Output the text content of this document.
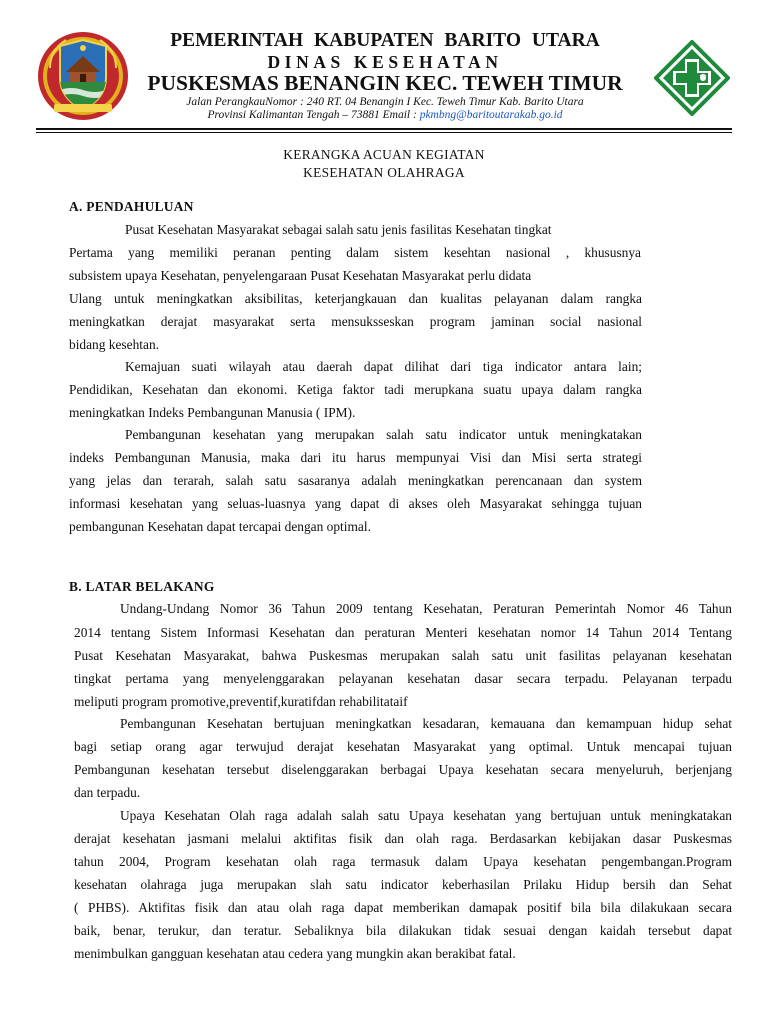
PEMERINTAH KABUPATEN BARITO UTARA
DINAS KESEHATAN
PUSKESMAS BENANGIN KEC. TEWEH TIMUR
Jalan PerangkauNomor : 240 RT. 04 Benangin I Kec. Teweh Timur Kab. Barito Utara
Provinsi Kalimantan Tengah – 73881 Email : pkmbng@baritoutarakab.go.id
KERANGKA ACUAN KEGIATAN
KESEHATAN OLAHRAGA
A. PENDAHULUAN
Pusat Kesehatan Masyarakat sebagai salah satu jenis fasilitas Kesehatan tingkat
Pertama yang memiliki peranan penting dalam sistem kesehtan nasional , khususnya
subsistem upaya Kesehatan, penyelengaraan Pusat Kesehatan Masyarakat perlu didata
Ulang untuk meningkatkan aksibilitas, keterjangkauan dan kualitas pelayanan dalam rangka
meningkatkan derajat masyarakat serta mensuksseskan program jaminan social nasional
bidang kesehtan.
Kemajuan suati wilayah atau daerah dapat dilihat dari tiga indicator antara lain;
Pendidikan, Kesehatan dan ekonomi. Ketiga faktor tadi merupkana suatu upaya dalam rangka
meningkatkan Indeks Pembangunan Manusia ( IPM).
Pembangunan kesehatan yang merupakan salah satu indicator untuk meningkatakan
indeks Pembangunan Manusia, maka dari itu harus mempunyai Visi dan Misi serta strategi
yang jelas dan terarah, salah satu sasaranya adalah meningkatkan perencanaan dan system
informasi kesehatan yang seluas-luasnya yang dapat di akses oleh Masyarakat sehingga tujuan
pembangunan Kesehatan dapat tercapai dengan optimal.
B. LATAR BELAKANG
Undang-Undang Nomor 36 Tahun 2009 tentang Kesehatan, Peraturan Pemerintah Nomor 46 Tahun
2014 tentang Sistem Informasi Kesehatan dan peraturan Menteri kesehatan nomor 14 Tahun 2014 Tentang
Pusat Kesehatan Masyarakat, bahwa Puskesmas merupakan salah satu unit fasilitas pelayanan kesehatan
tingkat pertama yang menyelenggarakan pelayanan kesehatan dasar secara terpadu. Pelayanan terpadu
meliputi program promotive,preventif,kuratifdan rehabilitataif
Pembangunan Kesehatan bertujuan meningkatkan kesadaran, kemauana dan kemampuan hidup sehat
bagi setiap orang agar terwujud derajat kesehatan Masyarakat yang optimal. Untuk mencapai tujuan
Pembangunan kesehatan tersebut diselenggarakan berbagai Upaya kesehatan secara menyeluruh, berjenjang
dan terpadu.
Upaya Kesehatan Olah raga adalah salah satu Upaya kesehatan yang bertujuan untuk meningkatakan
derajat kesehatan jasmani melalui aktifitas fisik dan olah raga. Berdasarkan kebijakan dasar Puskesmas
tahun 2004, Program kesehatan olah raga termasuk dalam Upaya kesehatan pengembangan.Program
kesehatan olahraga juga merupakan slah satu indicator keberhasilan Prilaku Hidup bersih dan Sehat
( PHBS). Aktifitas fisik dan atau olah raga dapat memberikan damapak positif bila bila dilakukaan secara
baik, benar, terukur, dan teratur. Sebaliknya bila dilakukan tidak sesuai dengan kaidah tersebut dapat
menimbulkan gangguan kesehatan atau cedera yang mungkin akan berakibat fatal.
